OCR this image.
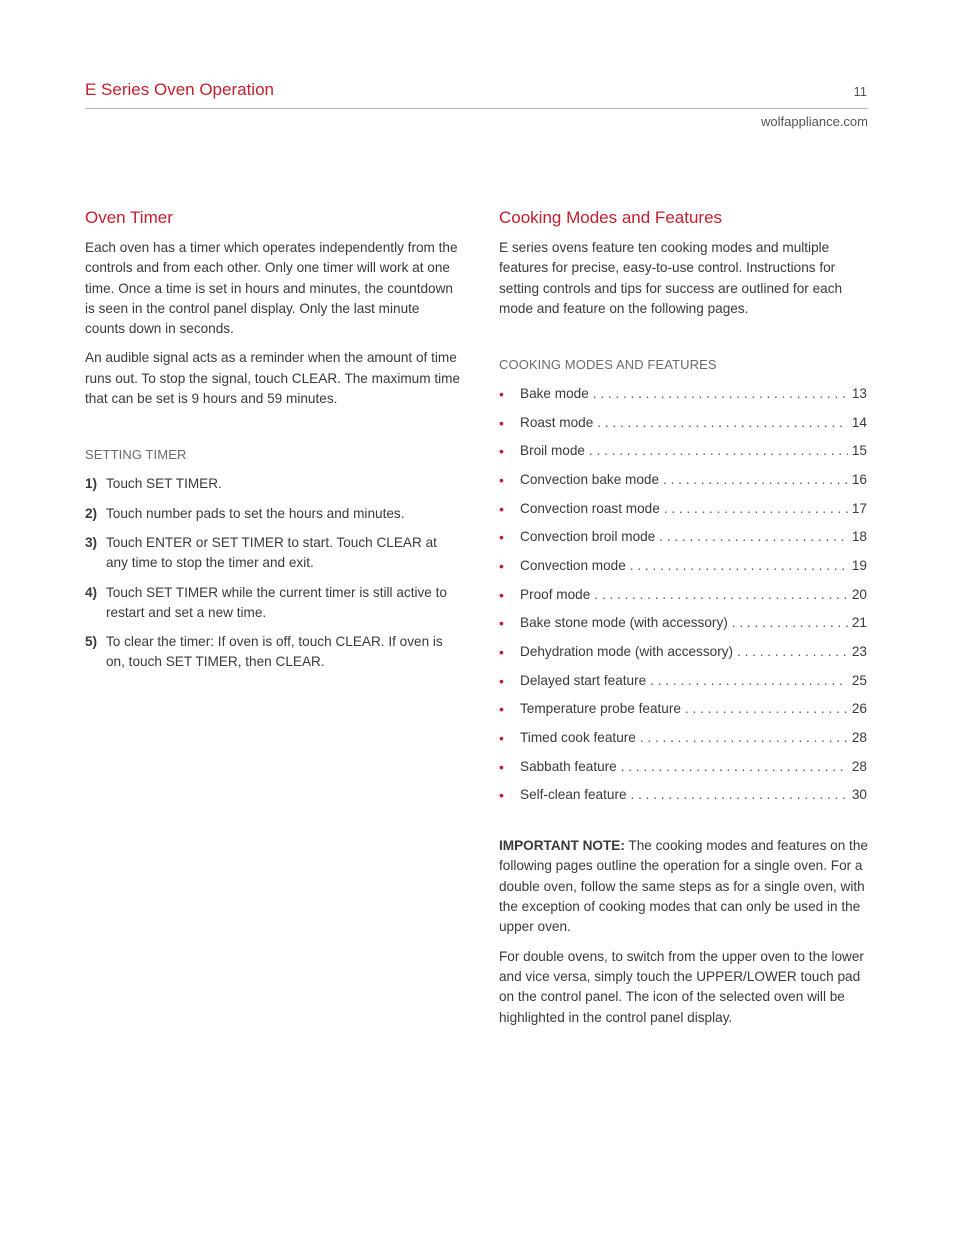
E Series Oven Operation	11
wolfappliance.com
Oven Timer

Each oven has a timer which operates independently from the controls and from each other. Only one timer will work at one time. Once a time is set in hours and minutes, the countdown is seen in the control panel display. Only the last minute counts down in seconds.

An audible signal acts as a reminder when the amount of time runs out. To stop the signal, touch CLEAR. The maximum time that can be set is 9 hours and 59 minutes.

SETTING TIMER
1) Touch SET TIMER.
2) Touch number pads to set the hours and minutes.
3) Touch ENTER or SET TIMER to start. Touch CLEAR at any time to stop the timer and exit.
4) Touch SET TIMER while the current timer is still active to restart and set a new time.
5) To clear the timer: If oven is off, touch CLEAR. If oven is on, touch SET TIMER, then CLEAR.
Cooking Modes and Features

E series ovens feature ten cooking modes and multiple features for precise, easy-to-use control. Instructions for setting controls and tips for success are outlined for each mode and feature on the following pages.

COOKING MODES AND FEATURES
• Bake mode . . .	13
• Roast mode . . .	14
• Broil mode . . .	15
• Convection bake mode . . .	16
• Convection roast mode . . .	17
• Convection broil mode . . .	18
• Convection mode . . .	19
• Proof mode . . .	20
• Bake stone mode (with accessory) . . .	21
• Dehydration mode (with accessory) . . .	23
• Delayed start feature . . .	25
• Temperature probe feature . . .	26
• Timed cook feature . . .	28
• Sabbath feature . . .	28
• Self-clean feature . . .	30

IMPORTANT NOTE: The cooking modes and features on the following pages outline the operation for a single oven. For a double oven, follow the same steps as for a single oven, with the exception of cooking modes that can only be used in the upper oven.

For double ovens, to switch from the upper oven to the lower and vice versa, simply touch the UPPER/LOWER touch pad on the control panel. The icon of the selected oven will be highlighted in the control panel display.
